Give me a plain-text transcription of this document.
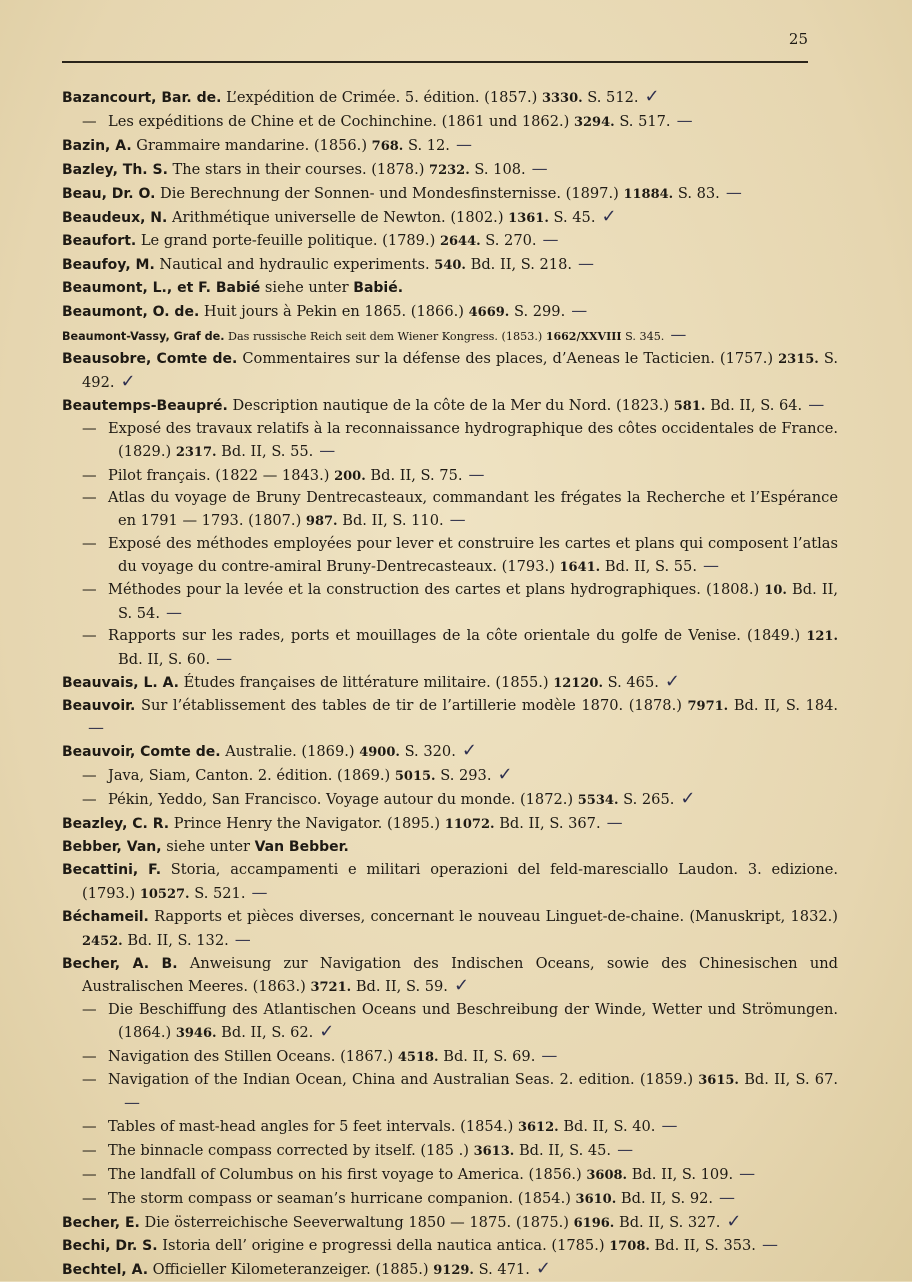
25
Bazancourt, Bar. de. L’expédition de Crimée. 5. édition. (1857.) 3330. S. 512. ✓
— Les expéditions de Chine et de Cochinchine. (1861 und 1862.) 3294. S. 517. —
Bazin, A. Grammaire mandarine. (1856.) 768. S. 12. —
Bazley, Th. S. The stars in their courses. (1878.) 7232. S. 108. —
Beau, Dr. O. Die Berechnung der Sonnen- und Mondesfinsternisse. (1897.) 11884. S. 83. —
Beaudeux, N. Arithmétique universelle de Newton. (1802.) 1361. S. 45. ✓
Beaufort. Le grand porte-feuille politique. (1789.) 2644. S. 270. —
Beaufoy, M. Nautical and hydraulic experiments. 540. Bd. II, S. 218. —
Beaumont, L., et F. Babié siehe unter Babié.
Beaumont, O. de. Huit jours à Pekin en 1865. (1866.) 4669. S. 299. —
Beaumont-Vassy, Graf de. Das russische Reich seit dem Wiener Kongress. (1853.) 1662/XXVIII S. 345. —
Beausobre, Comte de. Commentaires sur la défense des places, d’Aeneas le Tacticien. (1757.) 2315. S. 492. ✓
Beautemps-Beaupré. Description nautique de la côte de la Mer du Nord. (1823.) 581. Bd. II, S. 64. —
— Exposé des travaux relatifs à la reconnaissance hydrographique des côtes occidentales de France. (1829.) 2317. Bd. II, S. 55. —
— Pilot français. (1822 — 1843.) 200. Bd. II, S. 75. —
— Atlas du voyage de Bruny Dentrecasteaux, commandant les frégates la Recherche et l’Espérance en 1791 — 1793. (1807.) 987. Bd. II, S. 110. —
— Exposé des méthodes employées pour lever et construire les cartes et plans qui composent l’atlas du voyage du contre-amiral Bruny-Dentrecasteaux. (1793.) 1641. Bd. II, S. 55. —
— Méthodes pour la levée et la construction des cartes et plans hydrographiques. (1808.) 10. Bd. II, S. 54. —
— Rapports sur les rades, ports et mouillages de la côte orientale du golfe de Venise. (1849.) 121. Bd. II, S. 60. —
Beauvais, L. A. Études françaises de littérature militaire. (1855.) 12120. S. 465. ✓
Beauvoir. Sur l’établissement des tables de tir de l’artillerie modèle 1870. (1878.) 7971. Bd. II, S. 184.—
Beauvoir, Comte de. Australie. (1869.) 4900. S. 320. ✓
— Java, Siam, Canton. 2. édition. (1869.) 5015. S. 293. ✓
— Pékin, Yeddo, San Francisco. Voyage autour du monde. (1872.) 5534. S. 265. ✓
Beazley, C. R. Prince Henry the Navigator. (1895.) 11072. Bd. II, S. 367. —
Bebber, Van, siehe unter Van Bebber.
Becattini, F. Storia, accampamenti e militari operazioni del feld-maresciallo Laudon. 3. edizione. (1793.) 10527. S. 521. —
Béchameil. Rapports et pièces diverses, concernant le nouveau Linguet-de-chaine. (Manuskript, 1832.) 2452. Bd. II, S. 132. —
Becher, A. B. Anweisung zur Navigation des Indischen Oceans, sowie des Chinesischen und Australischen Meeres. (1863.) 3721. Bd. II, S. 59. ✓
— Die Beschiffung des Atlantischen Oceans und Beschreibung der Winde, Wetter und Strömungen. (1864.) 3946. Bd. II, S. 62. ✓
— Navigation des Stillen Oceans. (1867.) 4518. Bd. II, S. 69. —
— Navigation of the Indian Ocean, China and Australian Seas. 2. edition. (1859.) 3615. Bd. II, S. 67.—
— Tables of mast-head angles for 5 feet intervals. (1854.) 3612. Bd. II, S. 40. —
— The binnacle compass corrected by itself. (185 .) 3613. Bd. II, S. 45. —
— The landfall of Columbus on his first voyage to America. (1856.) 3608. Bd. II, S. 109. —
— The storm compass or seaman’s hurricane companion. (1854.) 3610. Bd. II, S. 92. —
Becher, E. Die österreichische Seeverwaltung 1850 — 1875. (1875.) 6196. Bd. II, S. 327. ✓
Bechi, Dr. S. Istoria dell’ origine e progressi della nautica antica. (1785.) 1708. Bd. II, S. 353. —
Bechtel, A. Officieller Kilometeranzeiger. (1885.) 9129. S. 471. ✓
